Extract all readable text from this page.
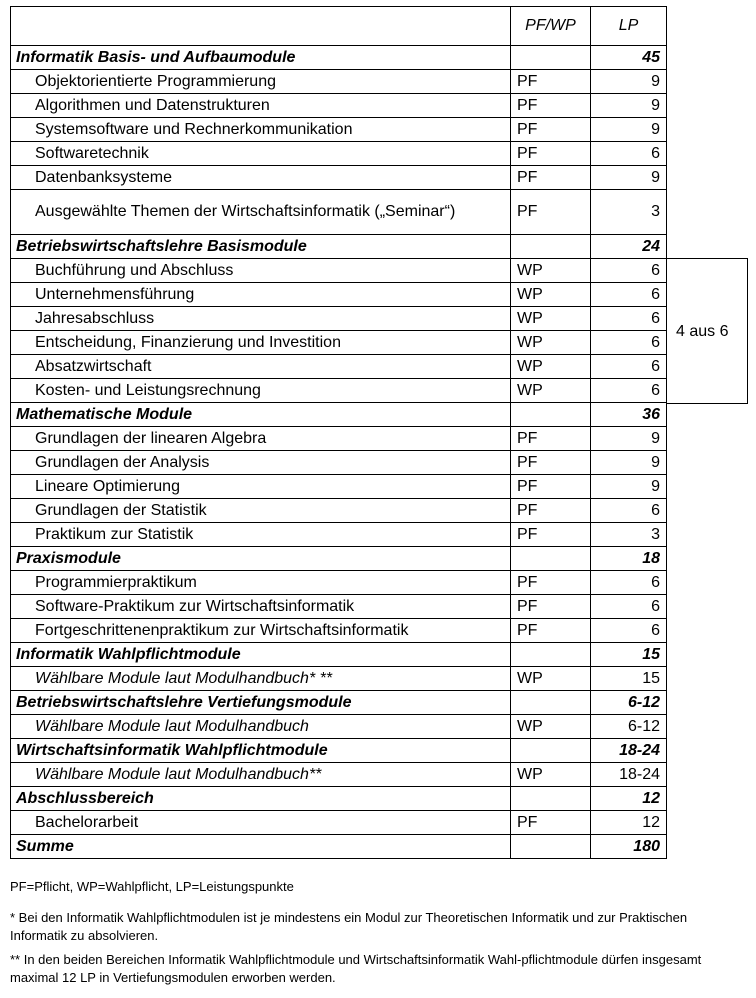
	PF/WP	LP
Informatik Basis- und Aufbaumodule		45
Objektorientierte Programmierung	PF	9
Algorithmen und Datenstrukturen	PF	9
Systemsoftware und Rechnerkommunikation	PF	9
Softwaretechnik	PF	6
Datenbanksysteme	PF	9
Ausgewählte Themen der Wirtschaftsinformatik („Seminar“)	PF	3
Betriebswirtschaftslehre Basismodule		24
Buchführung und Abschluss	WP	6
Unternehmensführung	WP	6
Jahresabschluss	WP	6
Entscheidung, Finanzierung und Investition	WP	6
Absatzwirtschaft	WP	6
Kosten- und Leistungsrechnung	WP	6
Mathematische Module		36
Grundlagen der linearen Algebra	PF	9
Grundlagen der Analysis	PF	9
Lineare Optimierung	PF	9
Grundlagen der Statistik	PF	6
Praktikum zur Statistik	PF	3
Praxismodule		18
Programmierpraktikum	PF	6
Software-Praktikum zur Wirtschaftsinformatik	PF	6
Fortgeschrittenenpraktikum zur Wirtschaftsinformatik	PF	6
Informatik Wahlpflichtmodule		15
Wählbare Module laut Modulhandbuch* **	WP	15
Betriebswirtschaftslehre Vertiefungsmodule		6-12
Wählbare Module laut Modulhandbuch	WP	6-12
Wirtschaftsinformatik Wahlpflichtmodule		18-24
Wählbare Module laut Modulhandbuch**	WP	18-24
Abschlussbereich		12
Bachelorarbeit	PF	12
Summe		180
4 aus 6
PF=Pflicht, WP=Wahlpflicht, LP=Leistungspunkte
* Bei den Informatik Wahlpflichtmodulen ist je mindestens ein Modul zur Theoretischen Informatik und zur Praktischen Informatik zu absolvieren.
** In den beiden Bereichen Informatik Wahlpflichtmodule und Wirtschaftsinformatik Wahl-pflichtmodule dürfen insgesamt maximal 12 LP in Vertiefungsmodulen erworben werden.
